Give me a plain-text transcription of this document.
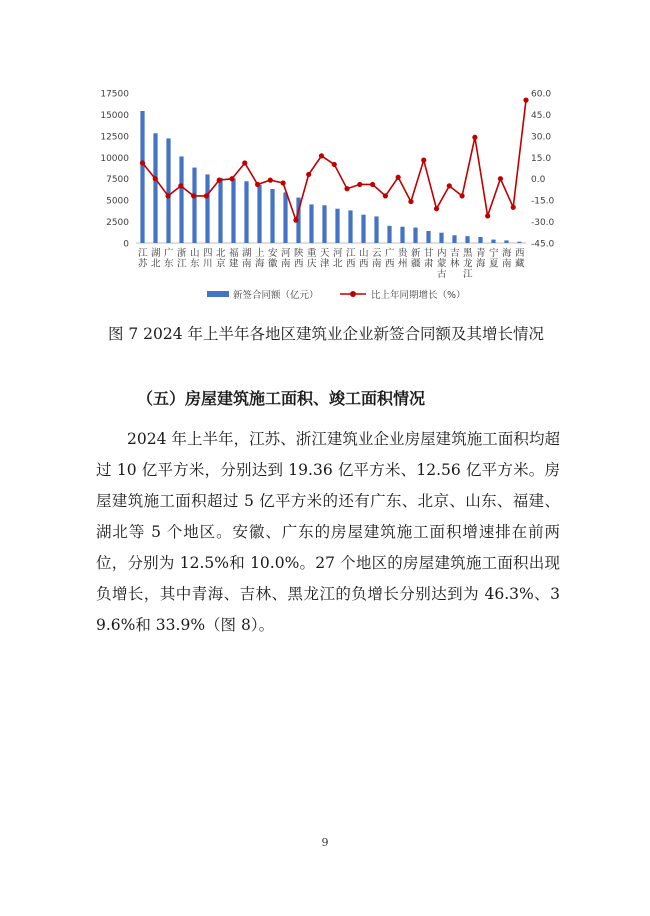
0
2500
5000
7500
10000
12500
15000
17500
-45.0
-30.0
-15.0
0.0
15.0
30.0
45.0
60.0
江苏
湖北
广东
浙江
山东
四川
北京
福建
湖南
上海
安徽
河南
陕西
重庆
天津
河北
江西
山西
云南
广西
贵州
新疆
甘肃
内蒙古
吉林
黑龙江
青海
宁夏
海南
西藏
新签合同额（亿元）	比上年同期增长（%）
图 7 2024 年上半年各地区建筑业企业新签合同额及其增长情况
（五）房屋建筑施工面积、竣工面积情况
2024 年上半年，江苏、浙江建筑业企业房屋建筑施工面积均超过 10 亿平方米，分别达到 19.36 亿平方米、12.56 亿平方米。房屋建筑施工面积超过 5 亿平方米的还有广东、北京、山东、福建、湖北等 5 个地区。安徽、广东的房屋建筑施工面积增速排在前两位，分别为 12.5%和 10.0%。27 个地区的房屋建筑施工面积出现负增长，其中青海、吉林、黑龙江的负增长分别达到为 46.3%、39.6%和 33.9%（图 8）。
9
